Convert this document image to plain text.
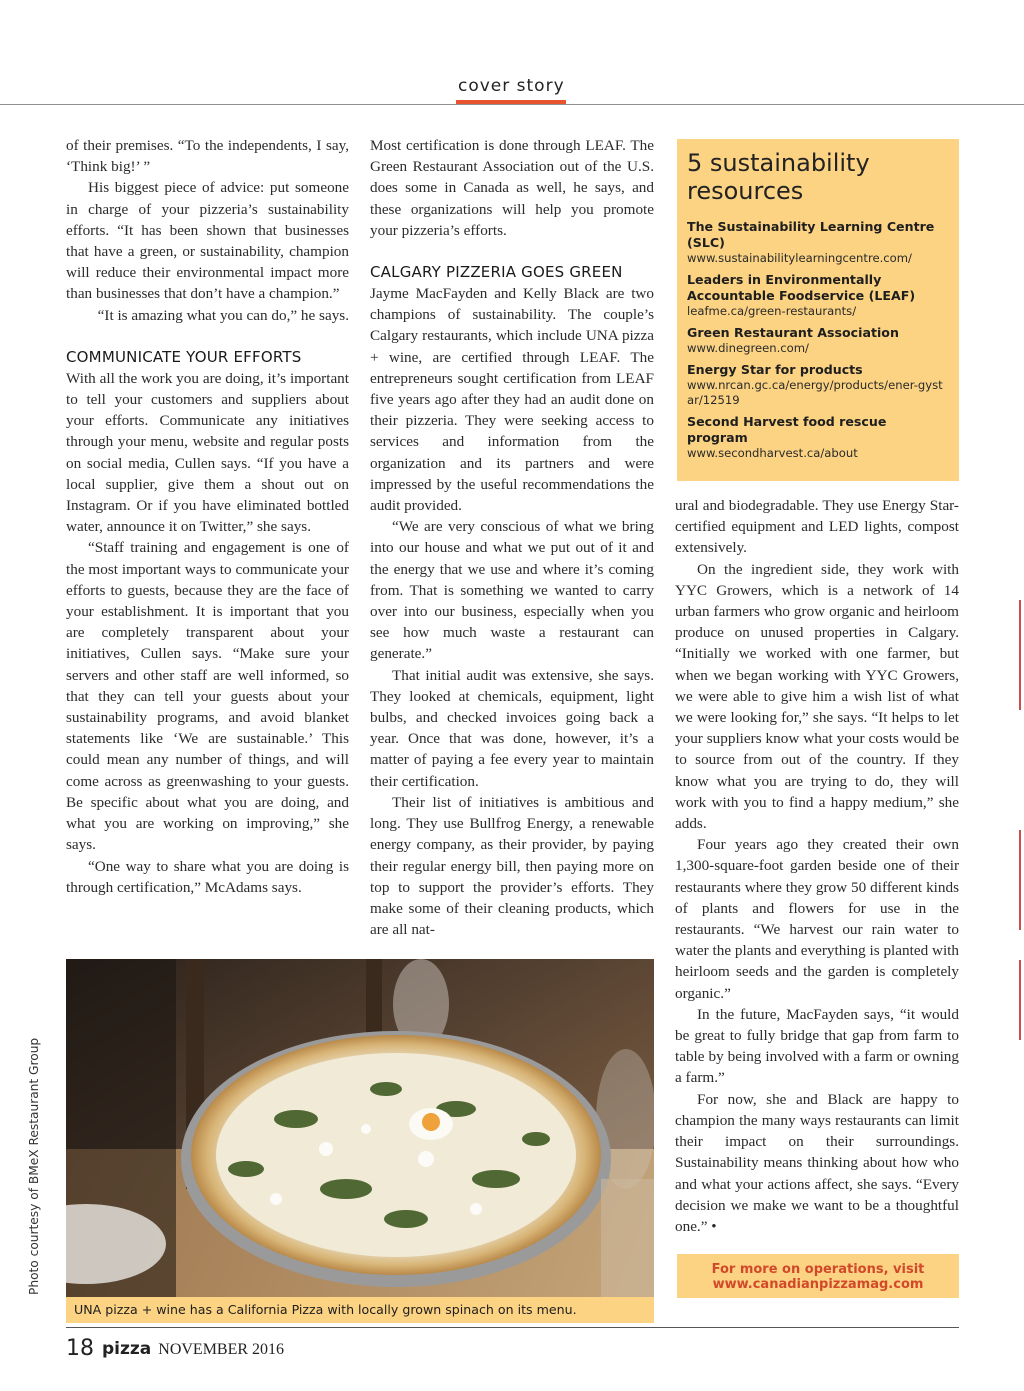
cover story

of their premises. “To the independents, I say, ‘Think big!’ ”

His biggest piece of advice: put someone in charge of your pizzeria’s sustainability efforts. “It has been shown that businesses that have a green, or sustainability, champion will reduce their environmental impact more than businesses that don’t have a champion.”

“It is amazing what you can do,” he says.

COMMUNICATE YOUR EFFORTS

With all the work you are doing, it’s important to tell your customers and suppliers about your efforts. Communicate any initiatives through your menu, website and regular posts on social media, Cullen says. “If you have a local supplier, give them a shout out on Instagram. Or if you have eliminated bottled water, announce it on Twitter,” she says.

“Staff training and engagement is one of the most important ways to communicate your efforts to guests, because they are the face of your establishment. It is important that you are completely transparent about your initiatives, Cullen says. “Make sure your servers and other staff are well informed, so that they can tell your guests about your sustainability programs, and avoid blanket statements like ‘We are sustainable.’ This could mean any number of things, and will come across as greenwashing to your guests. Be specific about what you are doing, and what you are working on improving,” she says.

“One way to share what you are doing is through certification,” McAdams says.

Most certification is done through LEAF. The Green Restaurant Association out of the U.S. does some in Canada as well, he says, and these organizations will help you promote your pizzeria’s efforts.

CALGARY PIZZERIA GOES GREEN

Jayme MacFayden and Kelly Black are two champions of sustainability. The couple’s Calgary restaurants, which include UNA pizza + wine, are certified through LEAF. The entrepreneurs sought certification from LEAF five years ago after they had an audit done on their pizzeria. They were seeking access to services and information from the organization and its partners and were impressed by the useful recommendations the audit provided.

“We are very conscious of what we bring into our house and what we put out of it and the energy that we use and where it’s coming from. That is something we wanted to carry over into our business, especially when you see how much waste a restaurant can generate.”

That initial audit was extensive, she says. They looked at chemicals, equipment, light bulbs, and checked invoices going back a year. Once that was done, however, it’s a matter of paying a fee every year to maintain their certification.

Their list of initiatives is ambitious and long. They use Bullfrog Energy, a renewable energy company, as their provider, by paying their regular energy bill, then paying more on top to support the provider’s efforts. They make some of their cleaning products, which are all nat-

5 sustainability resources
The Sustainability Learning Centre (SLC)
www.sustainabilitylearningcentre.com/
Leaders in Environmentally Accountable Foodservice (LEAF)
leafme.ca/green-restaurants/
Green Restaurant Association
www.dinegreen.com/
Energy Star for products
www.nrcan.gc.ca/energy/products/ener-gystar/12519
Second Harvest food rescue program
www.secondharvest.ca/about

ural and biodegradable. They use Energy Star-certified equipment and LED lights, compost extensively.

On the ingredient side, they work with YYC Growers, which is a network of 14 urban farmers who grow organic and heirloom produce on unused properties in Calgary. “Initially we worked with one farmer, but when we began working with YYC Growers, we were able to give him a wish list of what we were looking for,” she says. “It helps to let your suppliers know what your costs would be to source from out of the country. If they know what you are trying to do, they will work with you to find a happy medium,” she adds.

Four years ago they created their own 1,300-square-foot garden beside one of their restaurants where they grow 50 different kinds of plants and flowers for use in the restaurants. “We harvest our rain water to water the plants and everything is planted with heirloom seeds and the garden is completely organic.”

In the future, MacFayden says, “it would be great to fully bridge that gap from farm to table by being involved with a farm or owning a farm.”

For now, she and Black are happy to champion the many ways restaurants can limit their impact on their surroundings. Sustainability means thinking about how who and what your actions affect, she says. “Every decision we make we want to be a thoughtful one.” •

UNA pizza + wine has a California Pizza with locally grown spinach on its menu.
Photo courtesy of BMeX Restaurant Group	For more on operations, visit
www.canadianpizzamag.com
18 pizza NOVEMBER 2016
